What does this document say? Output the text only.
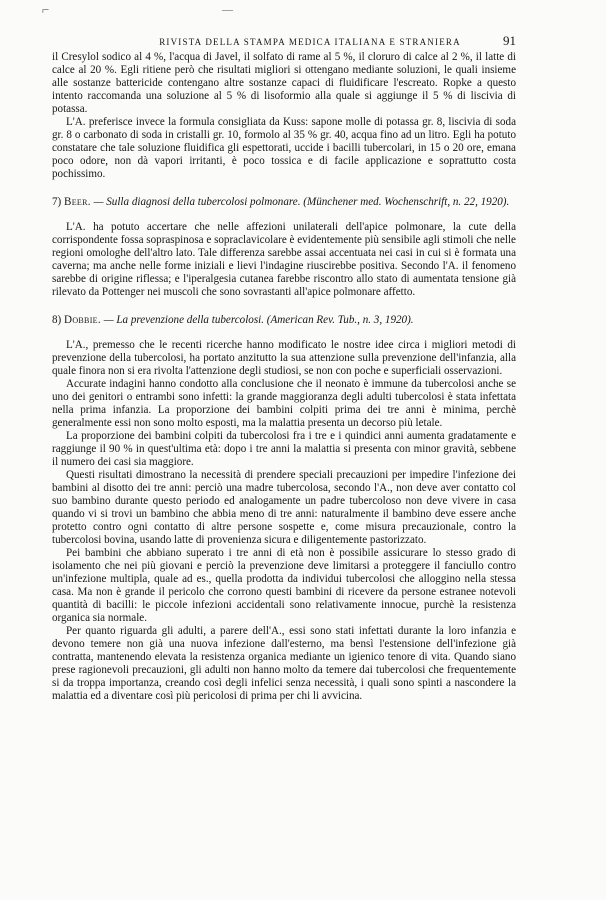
⌐	—
RIVISTA DELLA STAMPA MEDICA ITALIANA E STRANIERA	91

il Cresylol sodico al 4 %, l'acqua di Javel, il solfato di rame al 5 %, il cloruro di calce al 2 %, il latte di calce al 20 %. Egli ritiene però che risultati migliori si ottengano mediante soluzioni, le quali insieme alle sostanze battericide contengano altre sostanze capaci di fluidificare l'escreato. Ropke a questo intento raccomanda una soluzione al 5 % di lisoformio alla quale si aggiunge il 5 % di liscivia di potassa.

L'A. preferisce invece la formula consigliata da Kuss: sapone molle di potassa gr. 8, liscivia di soda gr. 8 o carbonato di soda in cristalli gr. 10, formolo al 35 % gr. 40, acqua fino ad un litro. Egli ha potuto constatare che tale soluzione fluidifica gli espettorati, uccide i bacilli tubercolari, in 15 o 20 ore, emana poco odore, non dà vapori irritanti, è poco tossica e di facile applicazione e soprattutto costa pochissimo.

7) Beer. — Sulla diagnosi della tubercolosi polmonare. (Münchener med. Wochenschrift, n. 22, 1920).

L'A. ha potuto accertare che nelle affezioni unilaterali dell'apice polmonare, la cute della corrispondente fossa sopraspinosa e sopraclavicolare è evidentemente più sensibile agli stimoli che nelle regioni omologhe dell'altro lato. Tale differenza sarebbe assai accentuata nei casi in cui si è formata una caverna; ma anche nelle forme iniziali e lievi l'indagine riuscirebbe positiva. Secondo l'A. il fenomeno sarebbe di origine riflessa; e l'iperalgesia cutanea farebbe riscontro allo stato di aumentata tensione già rilevato da Pottenger nei muscoli che sono sovrastanti all'apice polmonare affetto.

8) Dobbie. — La prevenzione della tubercolosi. (American Rev. Tub., n. 3, 1920).

L'A., premesso che le recenti ricerche hanno modificato le nostre idee circa i migliori metodi di prevenzione della tubercolosi, ha portato anzitutto la sua attenzione sulla prevenzione dell'infanzia, alla quale finora non si era rivolta l'attenzione degli studiosi, se non con poche e superficiali osservazioni.

Accurate indagini hanno condotto alla conclusione che il neonato è immune da tubercolosi anche se uno dei genitori o entrambi sono infetti: la grande maggioranza degli adulti tubercolosi è stata infettata nella prima infanzia. La proporzione dei bambini colpiti prima dei tre anni è minima, perchè generalmente essi non sono molto esposti, ma la malattia presenta un decorso più letale.

La proporzione dei bambini colpiti da tubercolosi fra i tre e i quindici anni aumenta gradatamente e raggiunge il 90 % in quest'ultima età: dopo i tre anni la malattia si presenta con minor gravità, sebbene il numero dei casi sia maggiore.

Questi risultati dimostrano la necessità di prendere speciali precauzioni per impedire l'infezione dei bambini al disotto dei tre anni: perciò una madre tubercolosa, secondo l'A., non deve aver contatto col suo bambino durante questo periodo ed analogamente un padre tubercoloso non deve vivere in casa quando vi si trovi un bambino che abbia meno di tre anni: naturalmente il bambino deve essere anche protetto contro ogni contatto di altre persone sospette e, come misura precauzionale, contro la tubercolosi bovina, usando latte di provenienza sicura e diligentemente pastorizzato.

Pei bambini che abbiano superato i tre anni di età non è possibile assicurare lo stesso grado di isolamento che nei più giovani e perciò la prevenzione deve limitarsi a proteggere il fanciullo contro un'infezione multipla, quale ad es., quella prodotta da individui tubercolosi che alloggino nella stessa casa. Ma non è grande il pericolo che corrono questi bambini di ricevere da persone estranee notevoli quantità di bacilli: le piccole infezioni accidentali sono relativamente innocue, purchè la resistenza organica sia normale.

Per quanto riguarda gli adulti, a parere dell'A., essi sono stati infettati durante la loro infanzia e devono temere non già una nuova infezione dall'esterno, ma bensì l'estensione dell'infezione già contratta, mantenendo elevata la resistenza organica mediante un igienico tenore di vita. Quando siano prese ragionevoli precauzioni, gli adulti non hanno molto da temere dai tubercolosi che frequentemente si da troppa importanza, creando così degli infelici senza necessità, i quali sono spinti a nascondere la malattia ed a diventare così più pericolosi di prima per chi li avvicina.
